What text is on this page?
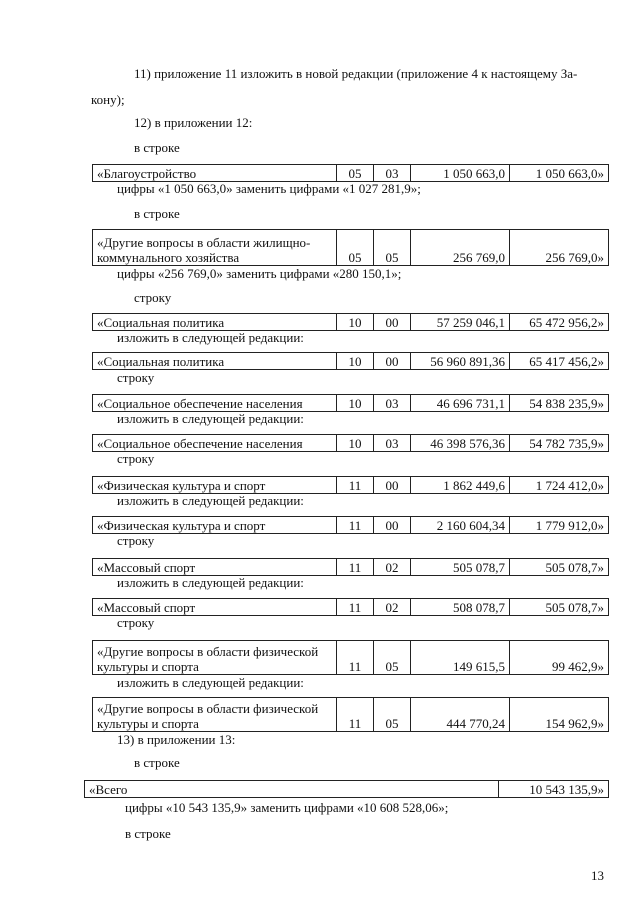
11) приложение 11 изложить в новой редакции (приложение 4 к настоящему За-
кону);
12) в приложении 12:
в строке
«Благоустройство	05	03	1 050 663,0	1 050 663,0»
цифры «1 050 663,0» заменить цифрами «1 027 281,9»;
в строке
«Другие вопросы в области жилищно-коммунального хозяйства	05	05	256 769,0	256 769,0»
цифры «256 769,0» заменить цифрами «280 150,1»;
строку
«Социальная политика	10	00	57 259 046,1	65 472 956,2»
изложить в следующей редакции:
«Социальная политика	10	00	56 960 891,36	65 417 456,2»
строку
«Социальное обеспечение населения	10	03	46 696 731,1	54 838 235,9»
изложить в следующей редакции:
«Социальное обеспечение населения	10	03	46 398 576,36	54 782 735,9»
строку
«Физическая культура и спорт	11	00	1 862 449,6	1 724 412,0»
изложить в следующей редакции:
«Физическая культура и спорт	11	00	2 160 604,34	1 779 912,0»
строку
«Массовый спорт	11	02	505 078,7	505 078,7»
изложить в следующей редакции:
«Массовый спорт	11	02	508 078,7	505 078,7»
строку
«Другие вопросы в области физической культуры и спорта	11	05	149 615,5	99 462,9»
изложить в следующей редакции:
«Другие вопросы в области физической культуры и спорта	11	05	444 770,24	154 962,9»
13) в приложении 13:
в строке
«Всего	10 543 135,9»
цифры «10 543 135,9» заменить цифрами «10 608 528,06»;
в строке
13
